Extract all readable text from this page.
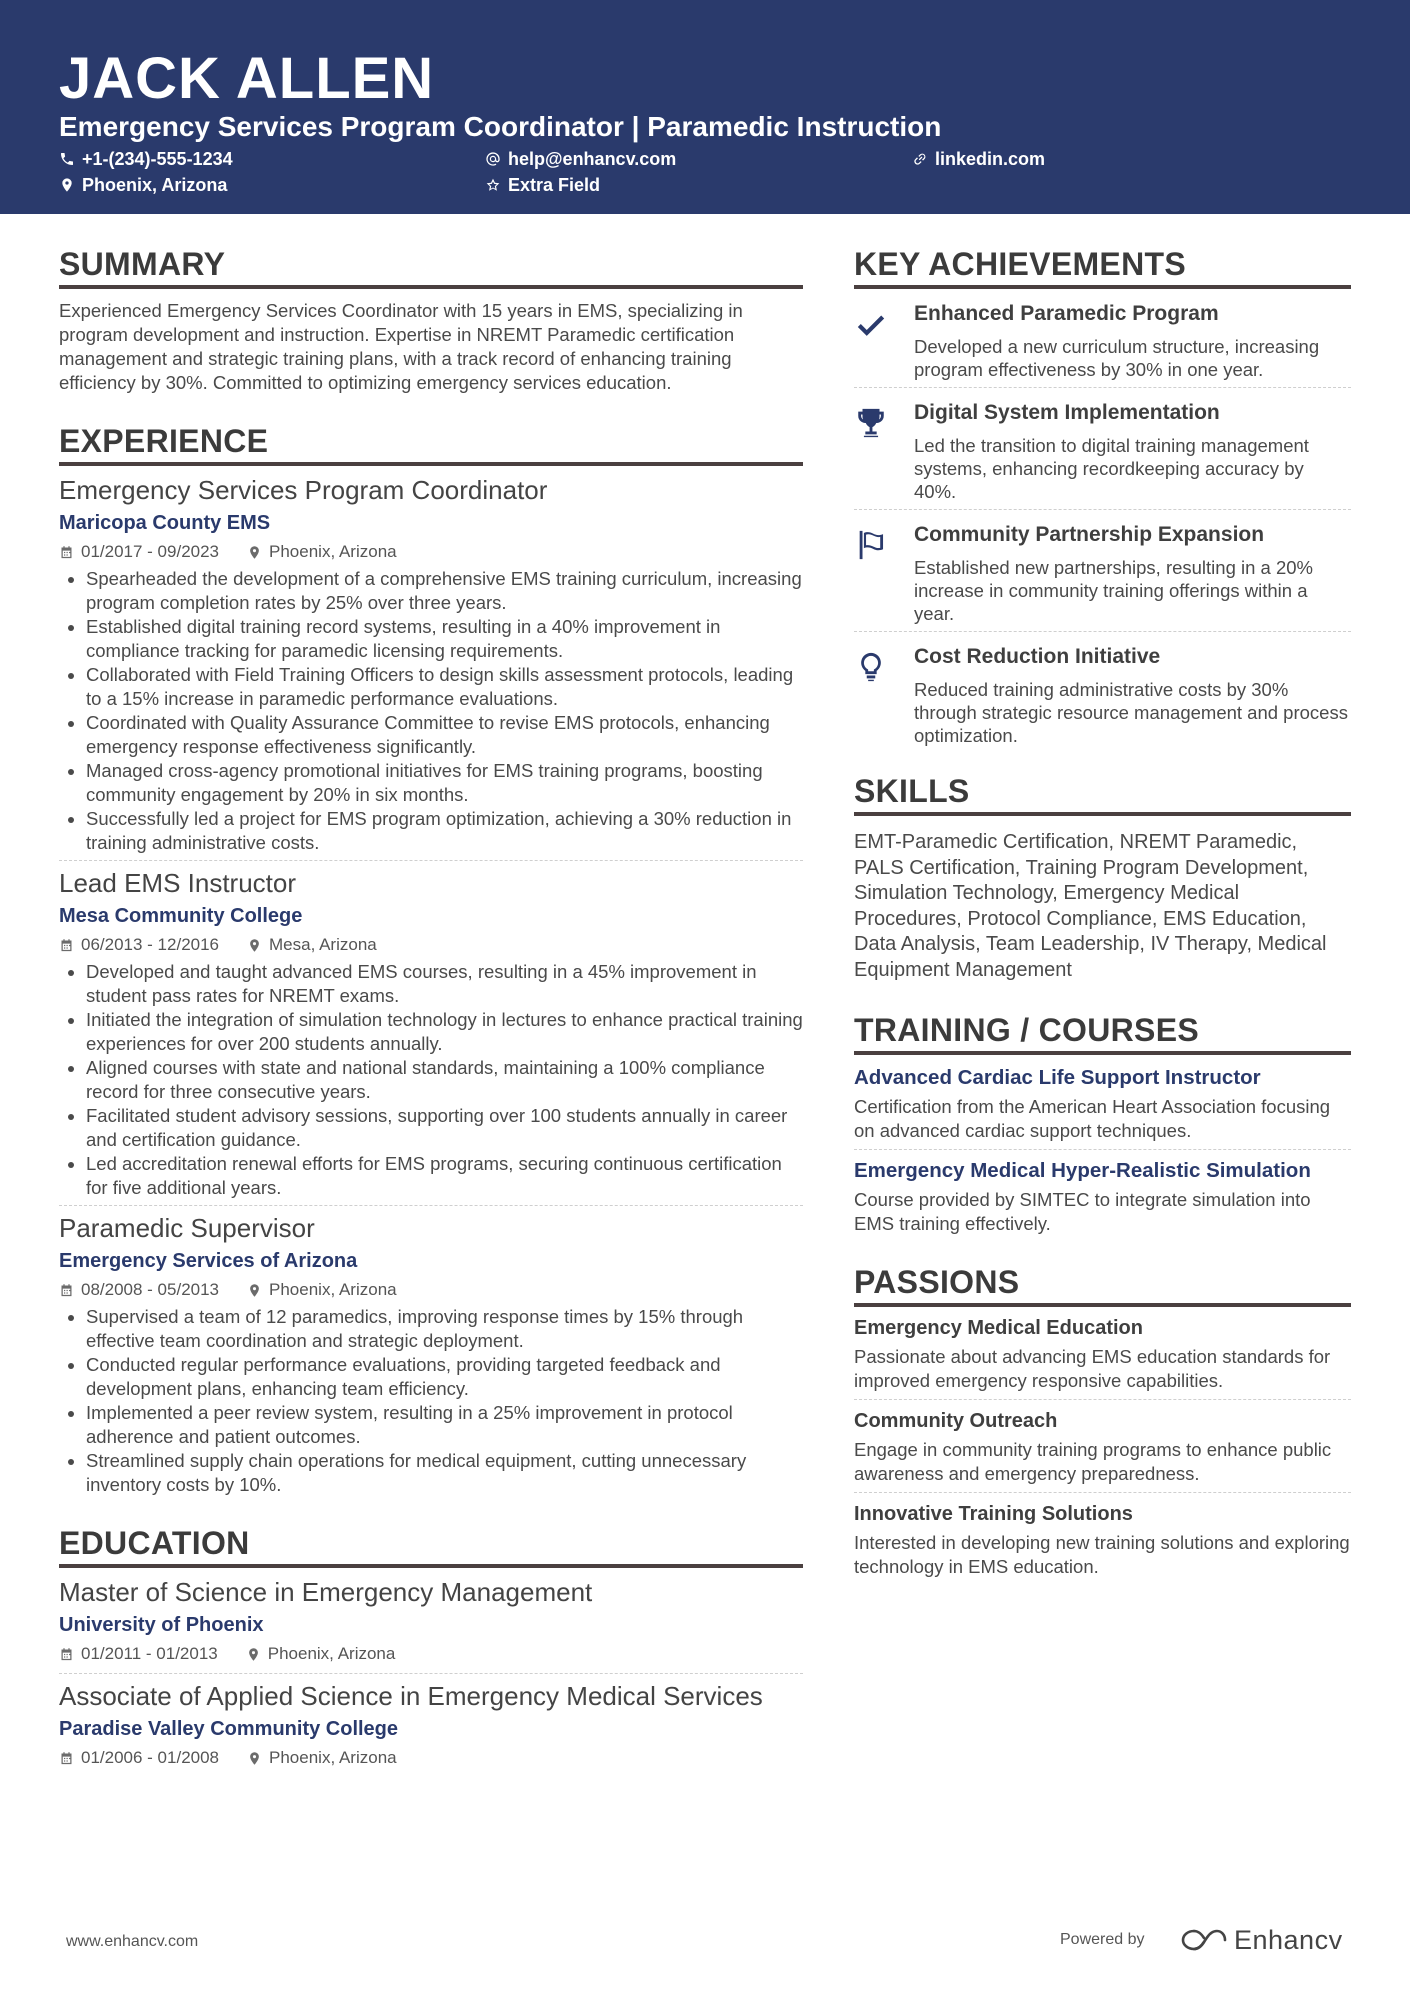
JACK ALLEN
Emergency Services Program Coordinator | Paramedic Instruction
+1-(234)-555-1234	help@enhancv.com	linkedin.com
Phoenix, Arizona	Extra Field
SUMMARY

Experienced Emergency Services Coordinator with 15 years in EMS, specializing in program development and instruction. Expertise in NREMT Paramedic certification management and strategic training plans, with a track record of enhancing training efficiency by 30%. Committed to optimizing emergency services education.

EXPERIENCE
Emergency Services Program Coordinator
Maricopa County EMS
01/2017 - 09/2023	Phoenix, Arizona
• Spearheaded the development of a comprehensive EMS training curriculum, increasing program completion rates by 25% over three years.
• Established digital training record systems, resulting in a 40% improvement in compliance tracking for paramedic licensing requirements.
• Collaborated with Field Training Officers to design skills assessment protocols, leading to a 15% increase in paramedic performance evaluations.
• Coordinated with Quality Assurance Committee to revise EMS protocols, enhancing emergency response effectiveness significantly.
• Managed cross-agency promotional initiatives for EMS training programs, boosting community engagement by 20% in six months.
• Successfully led a project for EMS program optimization, achieving a 30% reduction in training administrative costs.
Lead EMS Instructor
Mesa Community College
06/2013 - 12/2016	Mesa, Arizona
• Developed and taught advanced EMS courses, resulting in a 45% improvement in student pass rates for NREMT exams.
• Initiated the integration of simulation technology in lectures to enhance practical training experiences for over 200 students annually.
• Aligned courses with state and national standards, maintaining a 100% compliance record for three consecutive years.
• Facilitated student advisory sessions, supporting over 100 students annually in career and certification guidance.
• Led accreditation renewal efforts for EMS programs, securing continuous certification for five additional years.
Paramedic Supervisor
Emergency Services of Arizona
08/2008 - 05/2013	Phoenix, Arizona
• Supervised a team of 12 paramedics, improving response times by 15% through effective team coordination and strategic deployment.
• Conducted regular performance evaluations, providing targeted feedback and development plans, enhancing team efficiency.
• Implemented a peer review system, resulting in a 25% improvement in protocol adherence and patient outcomes.
• Streamlined supply chain operations for medical equipment, cutting unnecessary inventory costs by 10%.
EDUCATION
Master of Science in Emergency Management
University of Phoenix
01/2011 - 01/2013	Phoenix, Arizona
Associate of Applied Science in Emergency Medical Services
Paradise Valley Community College
01/2006 - 01/2008	Phoenix, Arizona
KEY ACHIEVEMENTS
Enhanced Paramedic Program
Developed a new curriculum structure, increasing program effectiveness by 30% in one year.
Digital System Implementation
Led the transition to digital training management systems, enhancing recordkeeping accuracy by 40%.
Community Partnership Expansion
Established new partnerships, resulting in a 20% increase in community training offerings within a year.
Cost Reduction Initiative
Reduced training administrative costs by 30% through strategic resource management and process optimization.
SKILLS

EMT-Paramedic Certification, NREMT Paramedic, PALS Certification, Training Program Development, Simulation Technology, Emergency Medical Procedures, Protocol Compliance, EMS Education, Data Analysis, Team Leadership, IV Therapy, Medical Equipment Management

TRAINING / COURSES
Advanced Cardiac Life Support Instructor
Certification from the American Heart Association focusing on advanced cardiac support techniques.
Emergency Medical Hyper-Realistic Simulation
Course provided by SIMTEC to integrate simulation into EMS training effectively.
PASSIONS
Emergency Medical Education
Passionate about advancing EMS education standards for improved emergency responsive capabilities.
Community Outreach
Engage in community training programs to enhance public awareness and emergency preparedness.
Innovative Training Solutions
Interested in developing new training solutions and exploring technology in EMS education.
www.enhancv.com	Powered by	Enhancv
